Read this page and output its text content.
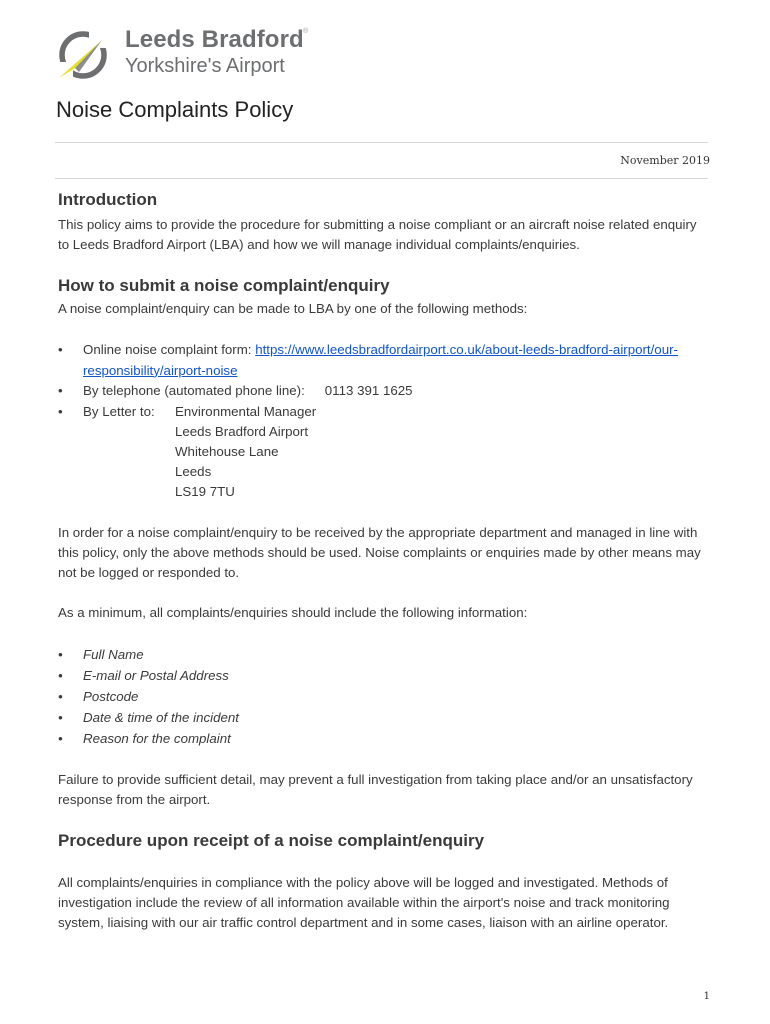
Leeds Bradford ®
Yorkshire's Airport
Noise Complaints Policy
November 2019
Introduction

This policy aims to provide the procedure for submitting a noise compliant or an aircraft noise related enquiry to Leeds Bradford Airport (LBA) and how we will manage individual complaints/enquiries.

How to submit a noise complaint/enquiry

A noise complaint/enquiry can be made to LBA by one of the following methods:

• Online noise complaint form: https://www.leedsbradfordairport.co.uk/about-leeds-bradford-airport/our-responsibility/airport-noise
• By telephone (automated phone line): 0113 391 1625
• By Letter to:	Environmental Manager
Leeds Bradford Airport
Whitehouse Lane
Leeds
LS19 7TU

In order for a noise complaint/enquiry to be received by the appropriate department and managed in line with this policy, only the above methods should be used. Noise complaints or enquiries made by other means may not be logged or responded to.

As a minimum, all complaints/enquiries should include the following information:

• Full Name
• E-mail or Postal Address
• Postcode
• Date & time of the incident
• Reason for the complaint

Failure to provide sufficient detail, may prevent a full investigation from taking place and/or an unsatisfactory response from the airport.

Procedure upon receipt of a noise complaint/enquiry

All complaints/enquiries in compliance with the policy above will be logged and investigated. Methods of investigation include the review of all information available within the airport's noise and track monitoring system, liaising with our air traffic control department and in some cases, liaison with an airline operator.

1
